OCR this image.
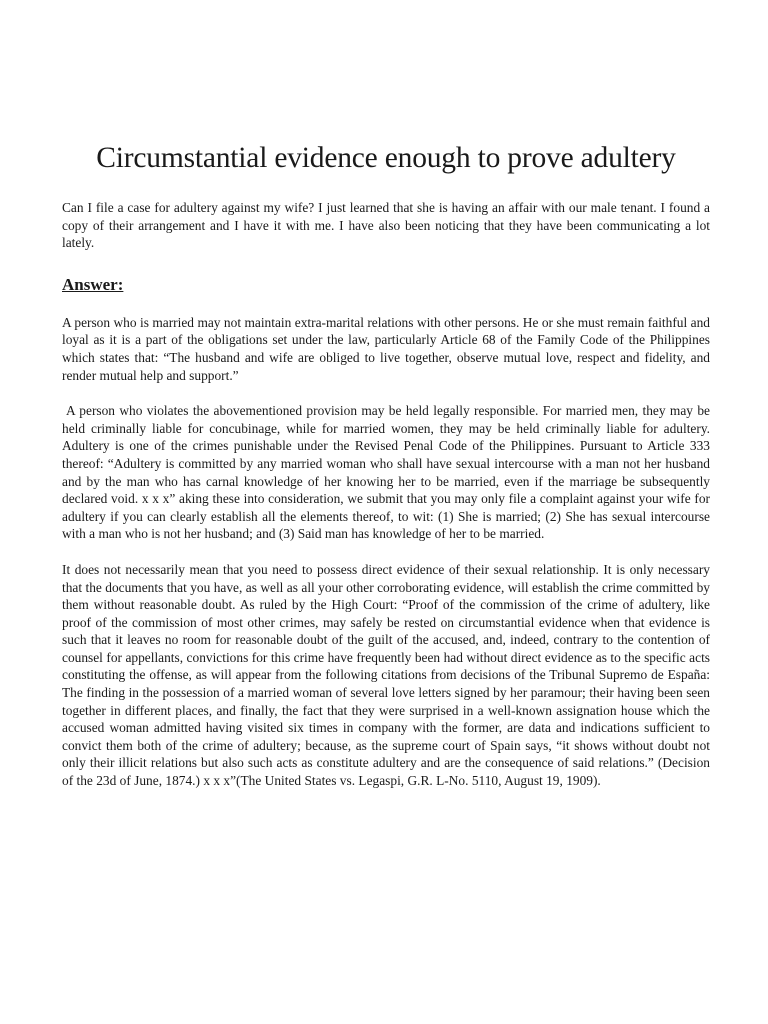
Circumstantial evidence enough to prove adultery

Can I file a case for adultery against my wife? I just learned that she is having an affair with our male tenant. I found a copy of their arrangement and I have it with me. I have also been noticing that they have been communicating a lot lately.

Answer:

A person who is married may not maintain extra-marital relations with other persons. He or she must remain faithful and loyal as it is a part of the obligations set under the law, particularly Article 68 of the Family Code of the Philippines which states that: “The husband and wife are obliged to live together, observe mutual love, respect and fidelity, and render mutual help and support.”

A person who violates the abovementioned provision may be held legally responsible. For married men, they may be held criminally liable for concubinage, while for married women, they may be held criminally liable for adultery. Adultery is one of the crimes punishable under the Revised Penal Code of the Philippines. Pursuant to Article 333 thereof: “Adultery is committed by any married woman who shall have sexual intercourse with a man not her husband and by the man who has carnal knowledge of her knowing her to be married, even if the marriage be subsequently declared void. x x x” aking these into consideration, we submit that you may only file a complaint against your wife for adultery if you can clearly establish all the elements thereof, to wit: (1) She is married; (2) She has sexual intercourse with a man who is not her husband; and (3) Said man has knowledge of her to be married.

It does not necessarily mean that you need to possess direct evidence of their sexual relationship. It is only necessary that the documents that you have, as well as all your other corroborating evidence, will establish the crime committed by them without reasonable doubt. As ruled by the High Court: “Proof of the commission of the crime of adultery, like proof of the commission of most other crimes, may safely be rested on circumstantial evidence when that evidence is such that it leaves no room for reasonable doubt of the guilt of the accused, and, indeed, contrary to the contention of counsel for appellants, convictions for this crime have frequently been had without direct evidence as to the specific acts constituting the offense, as will appear from the following citations from decisions of the Tribunal Supremo de España: The finding in the possession of a married woman of several love letters signed by her paramour; their having been seen together in different places, and finally, the fact that they were surprised in a well-known assignation house which the accused woman admitted having visited six times in company with the former, are data and indications sufficient to convict them both of the crime of adultery; because, as the supreme court of Spain says, “it shows without doubt not only their illicit relations but also such acts as constitute adultery and are the consequence of said relations.” (Decision of the 23d of June, 1874.) x x x”(The United States vs. Legaspi, G.R. L-No. 5110, August 19, 1909).
